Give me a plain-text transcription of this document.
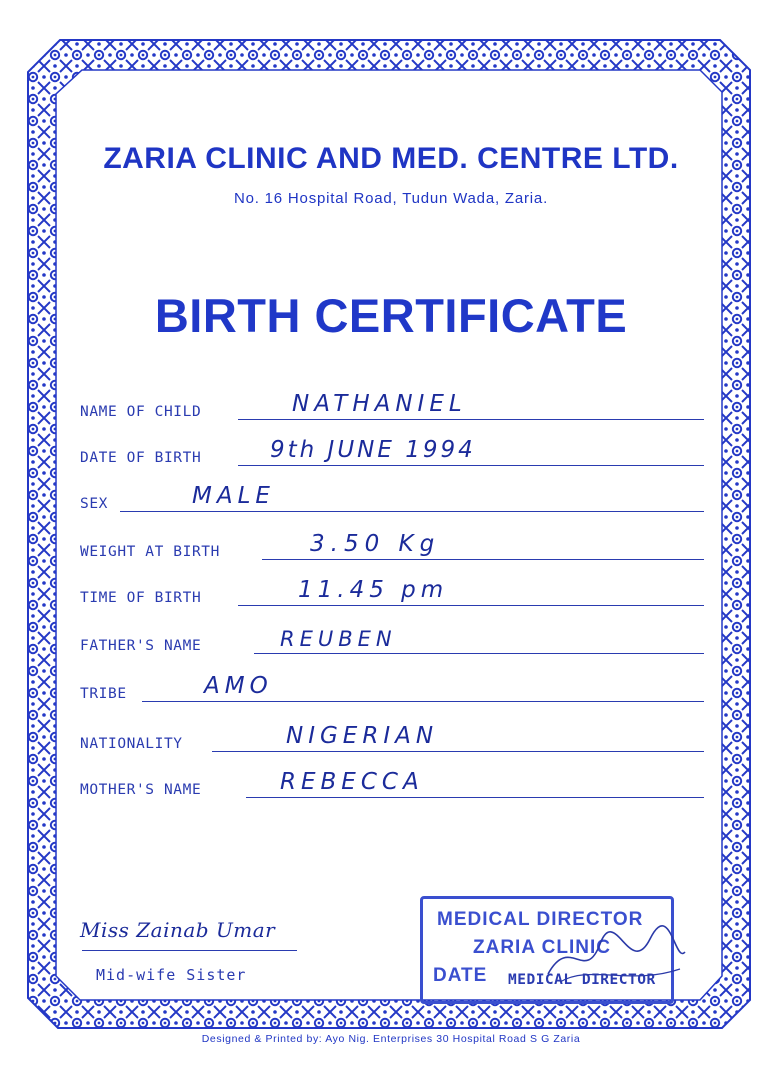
ZARIA CLINIC AND MED. CENTRE LTD.
No. 16 Hospital Road, Tudun Wada, Zaria.
BIRTH CERTIFICATE
NAME OF CHILD	NATHANIEL
DATE OF BIRTH	9th JUNE 1994
SEX	MALE
WEIGHT AT BIRTH	3.50 Kg
TIME OF BIRTH	11.45 pm
FATHER'S NAME	REUBEN
TRIBE	AMO
NATIONALITY	NIGERIAN
MOTHER'S NAME	REBECCA
Miss Zainab Umar
Mid-wife Sister
MEDICAL DIRECTOR
ZARIA CLINIC
DATE MEDICAL DIRECTOR
Designed & Printed by: Ayo Nig. Enterprises 30 Hospital Road S G Zaria
